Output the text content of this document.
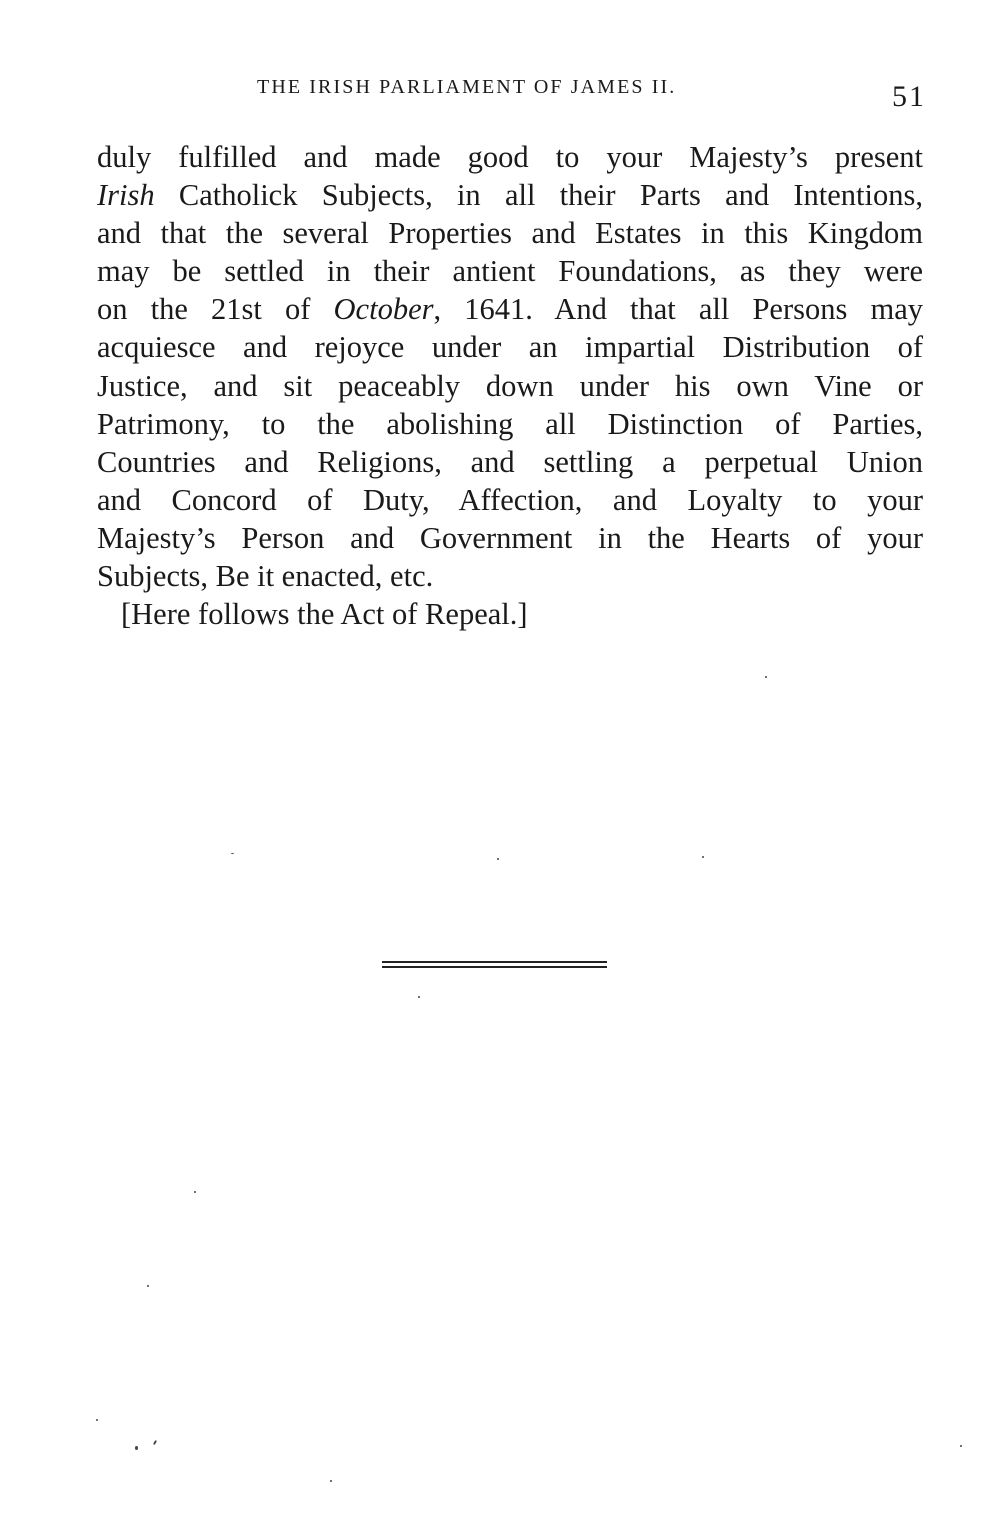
THE IRISH PARLIAMENT OF JAMES II.	51
duly fulfilled and made good to your Majesty’s present
Irish Catholick Subjects, in all their Parts and Intentions,
and that the several Properties and Estates in this Kingdom
may be settled in their antient Foundations, as they were
on the 21st of October, 1641. And that all Persons may
acquiesce and rejoyce under an impartial Distribution of
Justice, and sit peaceably down under his own Vine or
Patrimony, to the abolishing all Distinction of Parties,
Countries and Religions, and settling a perpetual Union
and Concord of Duty, Affection, and Loyalty to your
Majesty’s Person and Government in the Hearts of your
Subjects, Be it enacted, etc.
[Here follows the Act of Repeal.]
